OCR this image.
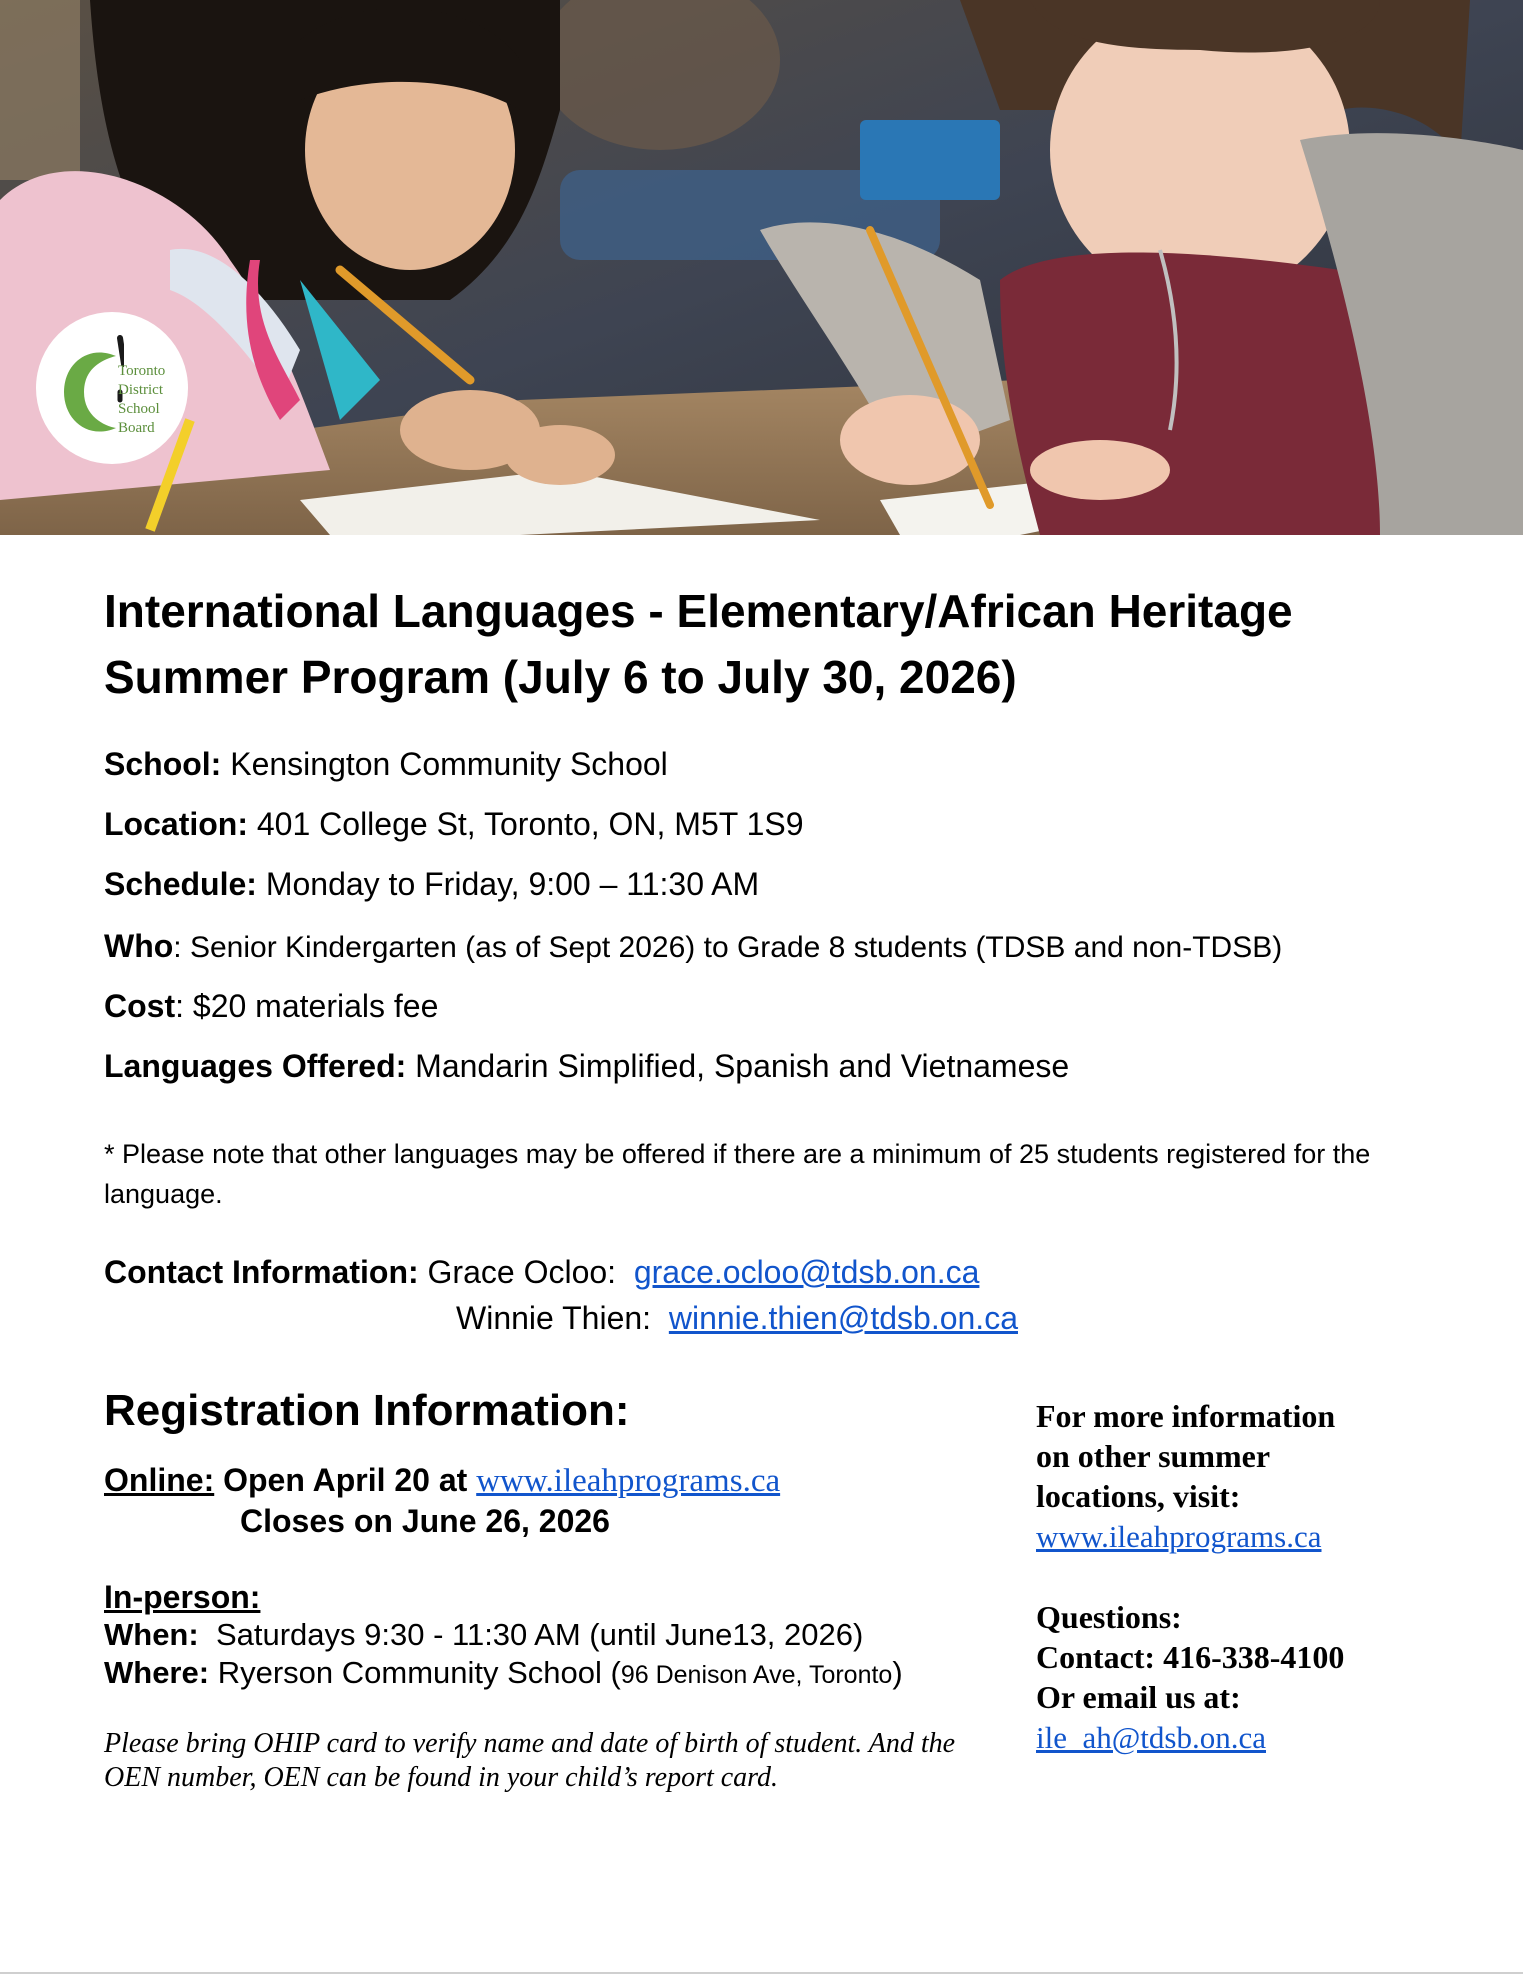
Toronto
District
School
Board
International Languages - Elementary/African Heritage
Summer Program (July 6 to July 30, 2026)
School: Kensington Community School
Location: 401 College St, Toronto, ON, M5T 1S9
Schedule: Monday to Friday, 9:00 – 11:30 AM
Who: Senior Kindergarten (as of Sept 2026) to Grade 8 students (TDSB and non-TDSB)
Cost: $20 materials fee
Languages Offered: Mandarin Simplified, Spanish and Vietnamese

* Please note that other languages may be offered if there are a minimum of 25 students registered for the language.

Contact Information: Grace Ocloo: grace.ocloo@tdsb.on.ca
Winnie Thien: winnie.thien@tdsb.on.ca
Registration Information:
Online: Open April 20 at www.ileahprograms.ca
Closes on June 26, 2026
In-person:
When: Saturdays 9:30 - 11:30 AM (until June13, 2026)
Where: Ryerson Community School (96 Denison Ave, Toronto)

Please bring OHIP card to verify name and date of birth of student. And the OEN number, OEN can be found in your child’s report card.

For more information
on other summer
locations, visit:
www.ileahprograms.ca
Questions:
Contact: 416-338-4100
Or email us at:
ile_ah@tdsb.on.ca
